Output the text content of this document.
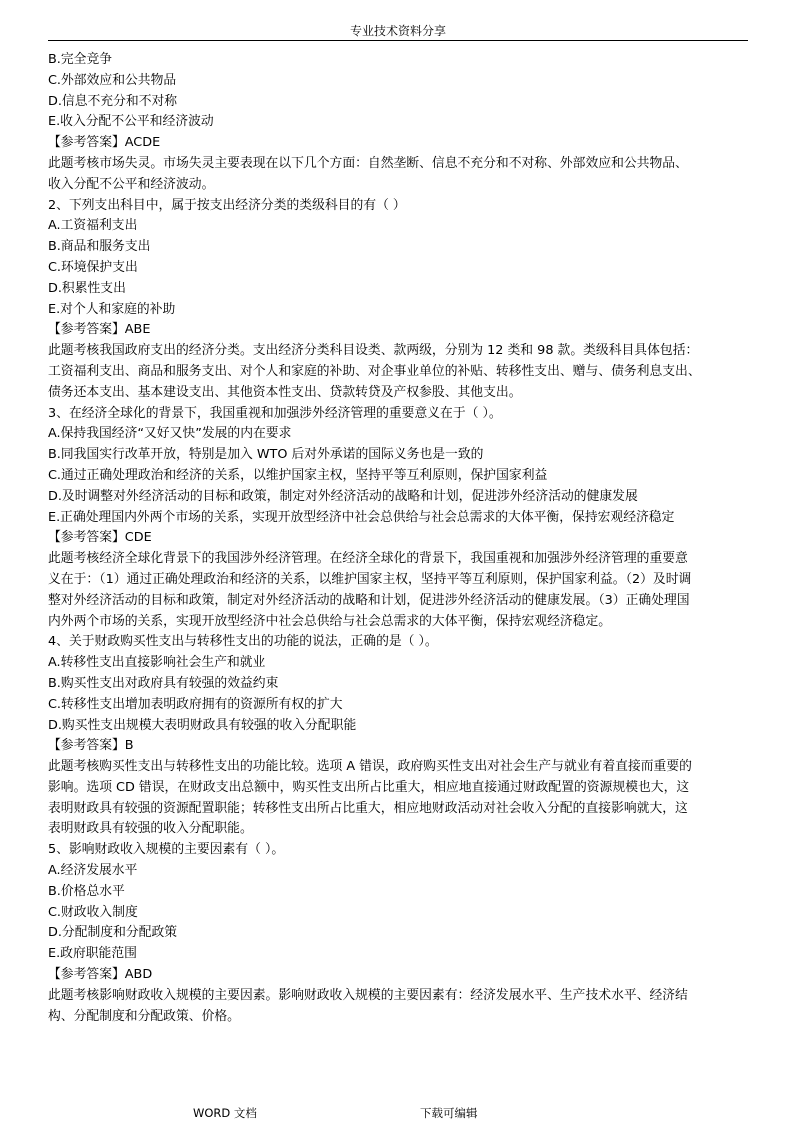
专业技术资料分享
B.完全竞争
C.外部效应和公共物品
D.信息不充分和不对称
E.收入分配不公平和经济波动
【参考答案】ACDE
此题考核市场失灵。市场失灵主要表现在以下几个方面：自然垄断、信息不充分和不对称、外部效应和公共物品、
收入分配不公平和经济波动。
2、下列支出科目中，属于按支出经济分类的类级科目的有（ ）
A.工资福利支出
B.商品和服务支出
C.环境保护支出
D.积累性支出
E.对个人和家庭的补助
【参考答案】ABE
此题考核我国政府支出的经济分类。支出经济分类科目设类、款两级，分别为 12 类和 98 款。类级科目具体包括：
工资福利支出、商品和服务支出、对个人和家庭的补助、对企事业单位的补贴、转移性支出、赠与、债务利息支出、
债务还本支出、基本建设支出、其他资本性支出、贷款转贷及产权参股、其他支出。
3、在经济全球化的背景下，我国重视和加强涉外经济管理的重要意义在于（ ）。
A.保持我国经济“又好又快”发展的内在要求
B.同我国实行改革开放，特别是加入 WTO 后对外承诺的国际义务也是一致的
C.通过正确处理政治和经济的关系，以维护国家主权，坚持平等互利原则，保护国家利益
D.及时调整对外经济活动的目标和政策，制定对外经济活动的战略和计划，促进涉外经济活动的健康发展
E.正确处理国内外两个市场的关系，实现开放型经济中社会总供给与社会总需求的大体平衡，保持宏观经济稳定
【参考答案】CDE
此题考核经济全球化背景下的我国涉外经济管理。在经济全球化的背景下，我国重视和加强涉外经济管理的重要意
义在于：（1）通过正确处理政治和经济的关系，以维护国家主权，坚持平等互利原则，保护国家利益。（2）及时调
整对外经济活动的目标和政策，制定对外经济活动的战略和计划，促进涉外经济活动的健康发展。（3）正确处理国
内外两个市场的关系，实现开放型经济中社会总供给与社会总需求的大体平衡，保持宏观经济稳定。
4、关于财政购买性支出与转移性支出的功能的说法，正确的是（ ）。
A.转移性支出直接影响社会生产和就业
B.购买性支出对政府具有较强的效益约束
C.转移性支出增加表明政府拥有的资源所有权的扩大
D.购买性支出规模大表明财政具有较强的收入分配职能
【参考答案】B
此题考核购买性支出与转移性支出的功能比较。选项 A 错误，政府购买性支出对社会生产与就业有着直接而重要的
影响。选项 CD 错误，在财政支出总额中，购买性支出所占比重大，相应地直接通过财政配置的资源规模也大，这
表明财政具有较强的资源配置职能；转移性支出所占比重大，相应地财政活动对社会收入分配的直接影响就大，这
表明财政具有较强的收入分配职能。
5、影响财政收入规模的主要因素有（ ）。
A.经济发展水平
B.价格总水平
C.财政收入制度
D.分配制度和分配政策
E.政府职能范围
【参考答案】ABD
此题考核影响财政收入规模的主要因素。影响财政收入规模的主要因素有：经济发展水平、生产技术水平、经济结
构、分配制度和分配政策、价格。
WORD 文档	下载可编辑
